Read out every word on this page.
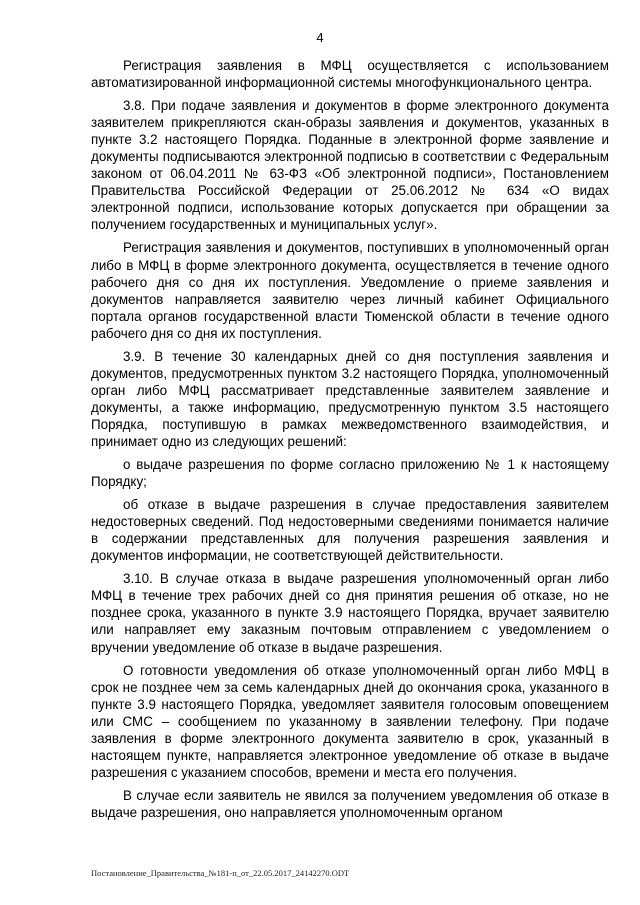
4

Регистрация заявления в МФЦ осуществляется с использованием автоматизированной информационной системы многофункционального центра.

3.8. При подаче заявления и документов в форме электронного документа заявителем прикрепляются скан-образы заявления и документов, указанных в пункте 3.2 настоящего Порядка. Поданные в электронной форме заявление и документы подписываются электронной подписью в соответствии с Федеральным законом от 06.04.2011 № 63-ФЗ «Об электронной подписи», Постановлением Правительства Российской Федерации от 25.06.2012 № 634 «О видах электронной подписи, использование которых допускается при обращении за получением государственных и муниципальных услуг».

Регистрация заявления и документов, поступивших в уполномоченный орган либо в МФЦ в форме электронного документа, осуществляется в течение одного рабочего дня со дня их поступления. Уведомление о приеме заявления и документов направляется заявителю через личный кабинет Официального портала органов государственной власти Тюменской области в течение одного рабочего дня со дня их поступления.

3.9. В течение 30 календарных дней со дня поступления заявления и документов, предусмотренных пунктом 3.2 настоящего Порядка, уполномоченный орган либо МФЦ рассматривает представленные заявителем заявление и документы, а также информацию, предусмотренную пунктом 3.5 настоящего Порядка, поступившую в рамках межведомственного взаимодействия, и принимает одно из следующих решений:

о выдаче разрешения по форме согласно приложению № 1 к настоящему Порядку;

об отказе в выдаче разрешения в случае предоставления заявителем недостоверных сведений. Под недостоверными сведениями понимается наличие в содержании представленных для получения разрешения заявления и документов информации, не соответствующей действительности.

3.10. В случае отказа в выдаче разрешения уполномоченный орган либо МФЦ в течение трех рабочих дней со дня принятия решения об отказе, но не позднее срока, указанного в пункте 3.9 настоящего Порядка, вручает заявителю или направляет ему заказным почтовым отправлением с уведомлением о вручении уведомление об отказе в выдаче разрешения.

О готовности уведомления об отказе уполномоченный орган либо МФЦ в срок не позднее чем за семь календарных дней до окончания срока, указанного в пункте 3.9 настоящего Порядка, уведомляет заявителя голосовым оповещением или СМС – сообщением по указанному в заявлении телефону. При подаче заявления в форме электронного документа заявителю в срок, указанный в настоящем пункте, направляется электронное уведомление об отказе в выдаче разрешения с указанием способов, времени и места его получения.

В случае если заявитель не явился за получением уведомления об отказе в выдаче разрешения, оно направляется уполномоченным органом

Постановление_Правительства_№181-п_от_22.05.2017_24142270.ODT
